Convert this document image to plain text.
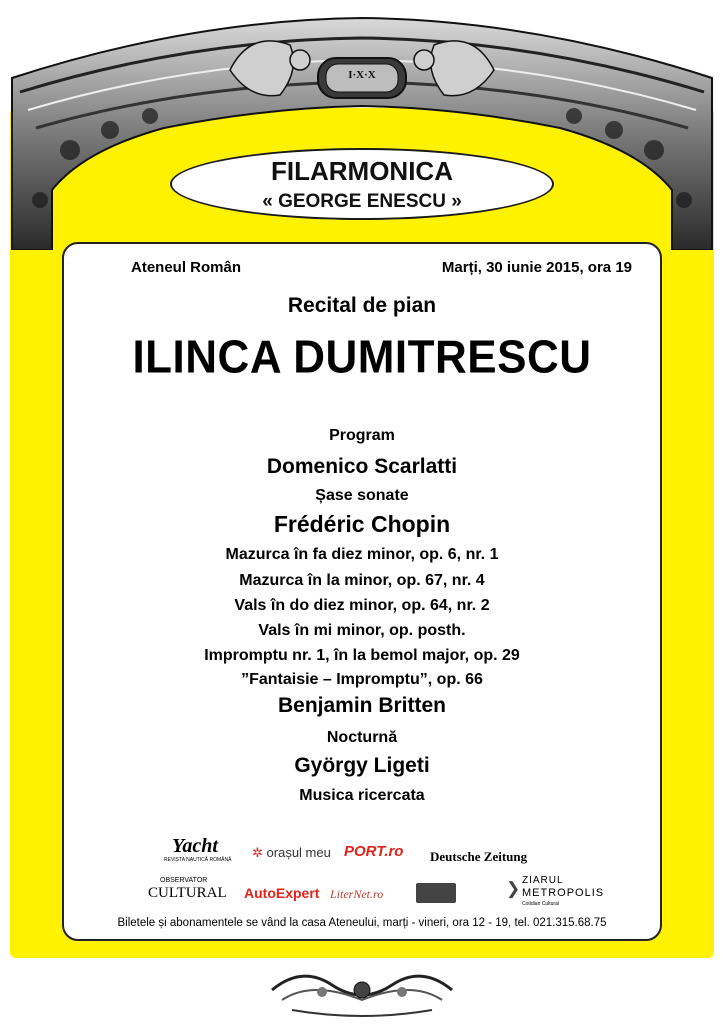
I·X·X
FILARMONICA
« GEORGE ENESCU »
Ateneul Român	Marți, 30 iunie 2015, ora 19
Recital de pian
ILINCA DUMITRESCU
Program
Domenico Scarlatti
Șase sonate
Frédéric Chopin
Mazurca în fa diez minor, op. 6, nr. 1
Mazurca în la minor, op. 67, nr. 4
Vals în do diez minor, op. 64, nr. 2
Vals în mi minor, op. posth.
Impromptu nr. 1, în la bemol major, op. 29
”Fantaisie – Impromptu”, op. 66
Benjamin Britten
Nocturnă
György Ligeti
Musica ricercata
Yacht
REVISTA NAUTICĂ ROMÂNĂ ✲ orașul meu PORT.ro Deutsche Zeitung
OBSERVATOR
CULTURAL AutoExpert LiterNet.ro	❯ ZIARUL
METROPOLIS
Cotidian Cultural
Biletele și abonamentele se vând la casa Ateneului, marți - vineri, ora 12 - 19, tel. 021.315.68.75
